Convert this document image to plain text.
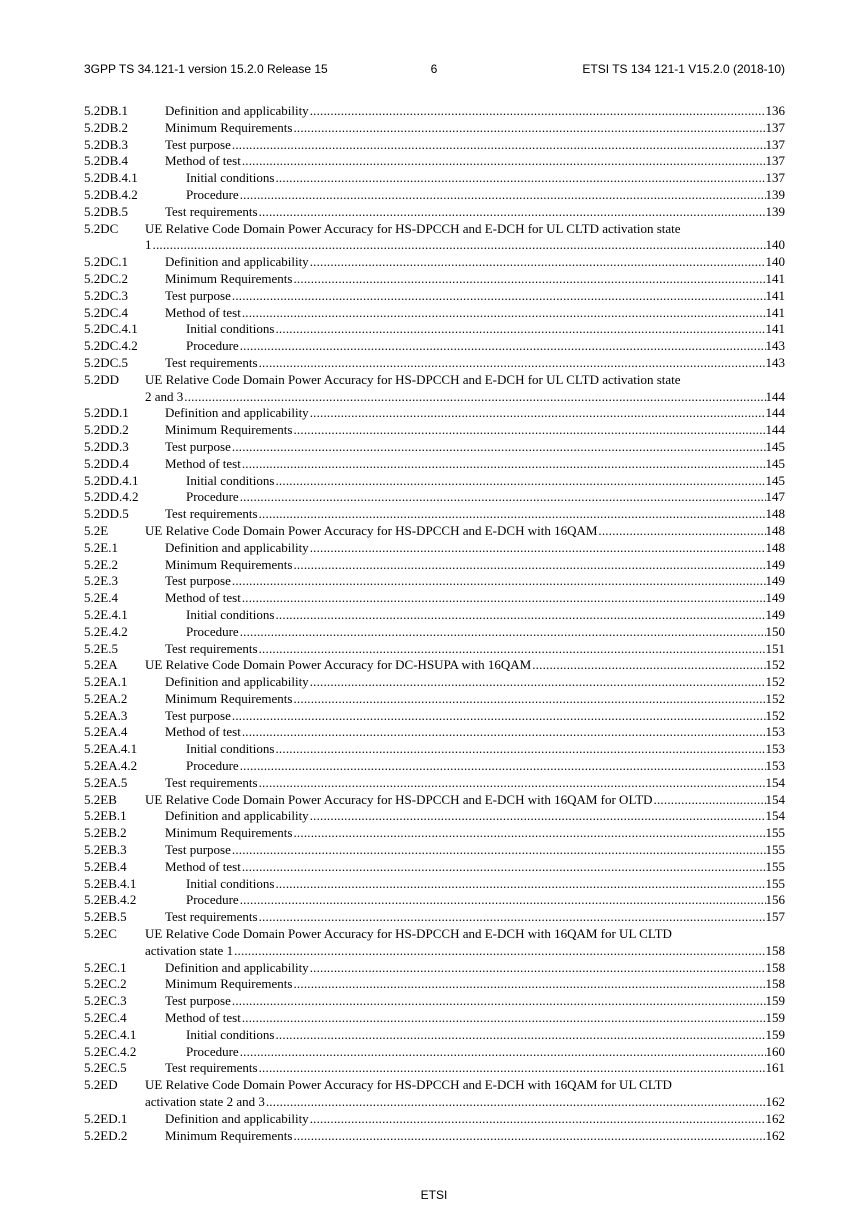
3GPP TS 34.121-1 version 15.2.0 Release 15	6	ETSI TS 134 121-1 V15.2.0 (2018-10)
5.2DB.1	Definition and applicability .....	136
5.2DB.2	Minimum Requirements .....	137
5.2DB.3	Test purpose .....	137
5.2DB.4	Method of test .....	137
5.2DB.4.1	Initial conditions .....	137
5.2DB.4.2	Procedure .....	139
5.2DB.5	Test requirements .....	139
5.2DC UE Relative Code Domain Power Accuracy for HS-DPCCH and E-DCH for UL CLTD activation state
1 .....	140
5.2DC.1	Definition and applicability .....	140
5.2DC.2	Minimum Requirements .....	141
5.2DC.3	Test purpose .....	141
5.2DC.4	Method of test .....	141
5.2DC.4.1	Initial conditions .....	141
5.2DC.4.2	Procedure .....	143
5.2DC.5	Test requirements .....	143
5.2DD UE Relative Code Domain Power Accuracy for HS-DPCCH and E-DCH for UL CLTD activation state
2 and 3 .....	144
5.2DD.1	Definition and applicability .....	144
5.2DD.2	Minimum Requirements .....	144
5.2DD.3	Test purpose .....	145
5.2DD.4	Method of test .....	145
5.2DD.4.1	Initial conditions .....	145
5.2DD.4.2	Procedure .....	147
5.2DD.5	Test requirements .....	148
5.2E	UE Relative Code Domain Power Accuracy for HS-DPCCH and E-DCH with 16QAM .....	148
5.2E.1	Definition and applicability .....	148
5.2E.2	Minimum Requirements .....	149
5.2E.3	Test purpose .....	149
5.2E.4	Method of test .....	149
5.2E.4.1	Initial conditions .....	149
5.2E.4.2	Procedure .....	150
5.2E.5	Test requirements .....	151
5.2EA UE Relative Code Domain Power Accuracy for DC-HSUPA with 16QAM .....	152
5.2EA.1	Definition and applicability .....	152
5.2EA.2	Minimum Requirements .....	152
5.2EA.3	Test purpose .....	152
5.2EA.4	Method of test .....	153
5.2EA.4.1	Initial conditions .....	153
5.2EA.4.2	Procedure .....	153
5.2EA.5	Test requirements .....	154
5.2EB UE Relative Code Domain Power Accuracy for HS-DPCCH and E-DCH with 16QAM for OLTD .....	154
5.2EB.1	Definition and applicability .....	154
5.2EB.2	Minimum Requirements .....	155
5.2EB.3	Test purpose .....	155
5.2EB.4	Method of test .....	155
5.2EB.4.1	Initial conditions .....	155
5.2EB.4.2	Procedure .....	156
5.2EB.5	Test requirements .....	157
5.2EC UE Relative Code Domain Power Accuracy for HS-DPCCH and E-DCH with 16QAM for UL CLTD
activation state 1 .....	158
5.2EC.1	Definition and applicability .....	158
5.2EC.2	Minimum Requirements .....	158
5.2EC.3	Test purpose .....	159
5.2EC.4	Method of test .....	159
5.2EC.4.1	Initial conditions .....	159
5.2EC.4.2	Procedure .....	160
5.2EC.5	Test requirements .....	161
5.2ED UE Relative Code Domain Power Accuracy for HS-DPCCH and E-DCH with 16QAM for UL CLTD
activation state 2 and 3 .....	162
5.2ED.1	Definition and applicability .....	162
5.2ED.2	Minimum Requirements .....	162
ETSI
